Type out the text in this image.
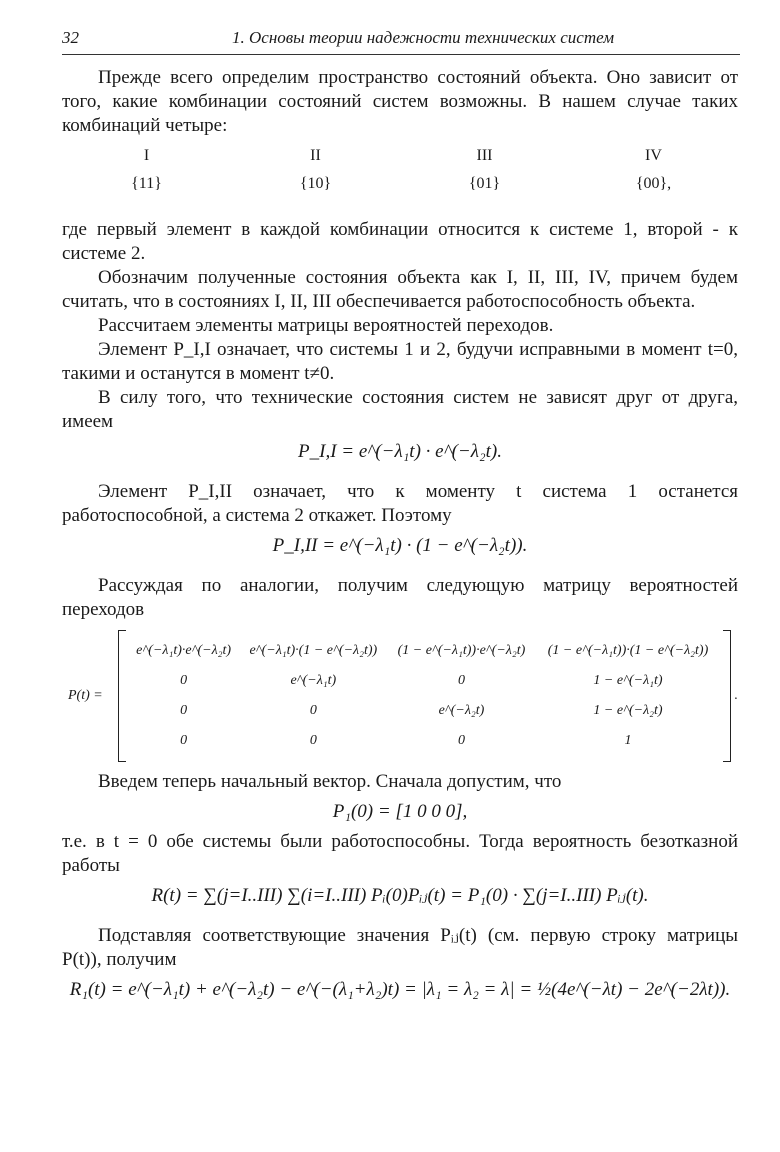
32	1. Основы теории надежности технических систем

Прежде всего определим пространство состояний объекта. Оно зависит от того, какие комбинации состояний систем возможны. В нашем случае таких комбинаций четыре:

I	II	III	IV
{11}	{10}	{01}	{00},

где первый элемент в каждой комбинации относится к системе 1, второй - к системе 2.

Обозначим полученные состояния объекта как I, II, III, IV, причем будем считать, что в состояниях I, II, III обеспечивается работоспособность объекта.

Рассчитаем элементы матрицы вероятностей переходов.

Элемент P_I,I означает, что системы 1 и 2, будучи исправными в момент t=0, такими и останутся в момент t≠0.

В силу того, что технические состояния систем не зависят друг от друга, имеем

P_I,I = e^(−λ₁t) · e^(−λ₂t).

Элемент P_I,II означает, что к моменту t система 1 останется работоспособной, а система 2 откажет. Поэтому

P_I,II = e^(−λ₁t) · (1 − e^(−λ₂t)).

Рассуждая по аналогии, получим следующую матрицу вероятностей переходов

P(t) =
e^(−λ₁t)·e^(−λ₂t)	e^(−λ₁t)·(1 − e^(−λ₂t))	(1 − e^(−λ₁t))·e^(−λ₂t)	(1 − e^(−λ₁t))·(1 − e^(−λ₂t))
0	e^(−λ₁t)	0	1 − e^(−λ₁t)
0	0	e^(−λ₂t)	1 − e^(−λ₂t)
0	0	0	1
.

Введем теперь начальный вектор. Сначала допустим, что

P₁(0) = [1 0 0 0],

т.е. в t = 0 обе системы были работоспособны. Тогда вероятность безотказной работы

R(t) = ∑(j=I..III) ∑(i=I..III) Pᵢ(0)Pᵢⱼ(t) = P₁(0) · ∑(j=I..III) Pᵢⱼ(t).

Подставляя соответствующие значения Pᵢⱼ(t) (см. первую строку матрицы P(t)), получим

R₁(t) = e^(−λ₁t) + e^(−λ₂t) − e^(−(λ₁+λ₂)t) = |λ₁ = λ₂ = λ| = ½(4e^(−λt) − 2e^(−2λt)).
